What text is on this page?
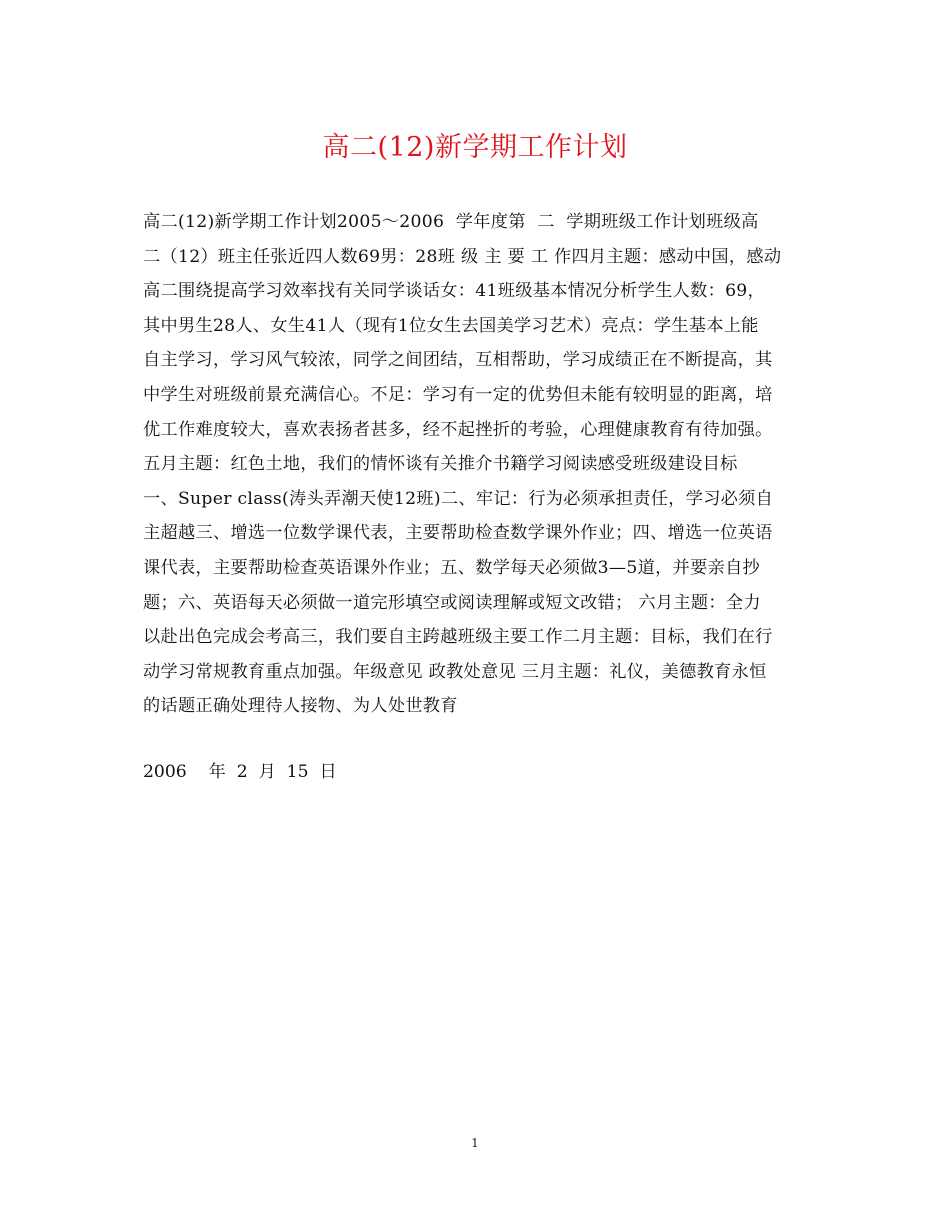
高二(12)新学期工作计划
高二(12)新学期工作计划2005～2006  学年度第  二  学期班级工作计划班级高
二（12）班主任张近四人数69男：28班 级 主 要 工 作四月主题：感动中国，感动
高二围绕提高学习效率找有关同学谈话女：41班级基本情况分析学生人数：69，
其中男生28人、女生41人（现有1位女生去国美学习艺术）亮点：学生基本上能
自主学习，学习风气较浓，同学之间团结，互相帮助，学习成绩正在不断提高，其
中学生对班级前景充满信心。不足：学习有一定的优势但未能有较明显的距离，培
优工作难度较大，喜欢表扬者甚多，经不起挫折的考验，心理健康教育有待加强。
五月主题：红色土地，我们的情怀谈有关推介书籍学习阅读感受班级建设目标
一、Super class(涛头弄潮天使12班)二、牢记：行为必须承担责任，学习必须自
主超越三、增选一位数学课代表，主要帮助检查数学课外作业；四、增选一位英语
课代表，主要帮助检查英语课外作业；五、数学每天必须做3—5道，并要亲自抄
题；六、英语每天必须做一道完形填空或阅读理解或短文改错； 六月主题：全力
以赴出色完成会考高三，我们要自主跨越班级主要工作二月主题：目标，我们在行
动学习常规教育重点加强。年级意见 政教处意见 三月主题：礼仪，美德教育永恒
的话题正确处理待人接物、为人处世教育
2006    年  2  月  15  日
1
